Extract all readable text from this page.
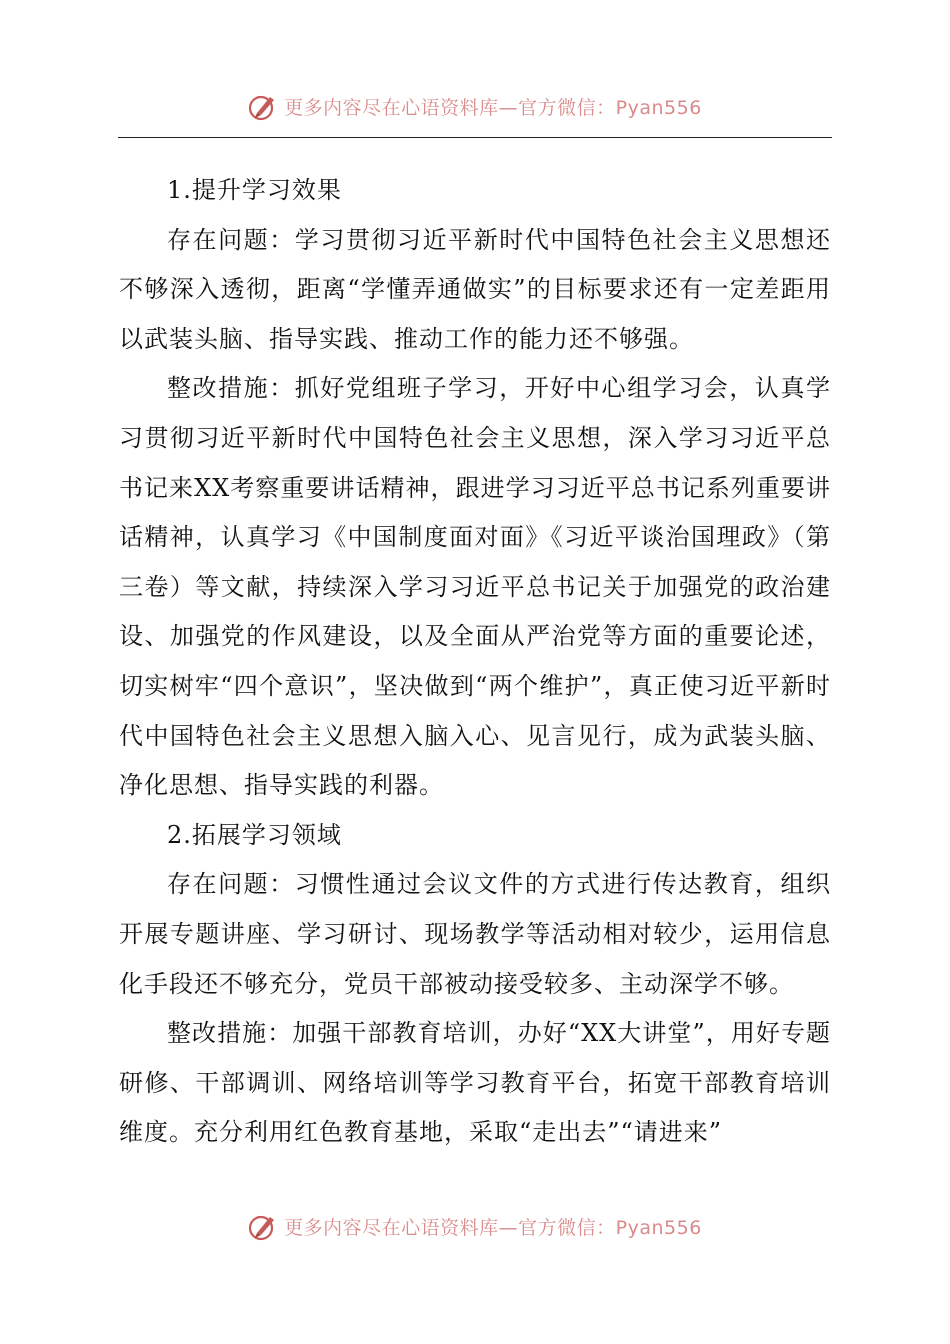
更多内容尽在心语资料库—官方微信：Pyan556

1.提升学习效果

存在问题：学习贯彻习近平新时代中国特色社会主义思想还不够深入透彻，距离“学懂弄通做实”的目标要求还有一定差距用以武装头脑、指导实践、推动工作的能力还不够强。

整改措施：抓好党组班子学习，开好中心组学习会，认真学习贯彻习近平新时代中国特色社会主义思想，深入学习习近平总书记来XX考察重要讲话精神，跟进学习习近平总书记系列重要讲话精神，认真学习《中国制度面对面》《习近平谈治国理政》（第三卷）等文献，持续深入学习习近平总书记关于加强党的政治建设、加强党的作风建设，以及全面从严治党等方面的重要论述，切实树牢“四个意识”，坚决做到“两个维护”，真正使习近平新时代中国特色社会主义思想入脑入心、见言见行，成为武装头脑、净化思想、指导实践的利器。

2.拓展学习领域

存在问题：习惯性通过会议文件的方式进行传达教育，组织开展专题讲座、学习研讨、现场教学等活动相对较少，运用信息化手段还不够充分，党员干部被动接受较多、主动深学不够。

整改措施：加强干部教育培训，办好“XX大讲堂”，用好专题研修、干部调训、网络培训等学习教育平台，拓宽干部教育培训维度。充分利用红色教育基地，采取“走出去”“请进来”

更多内容尽在心语资料库—官方微信：Pyan556
